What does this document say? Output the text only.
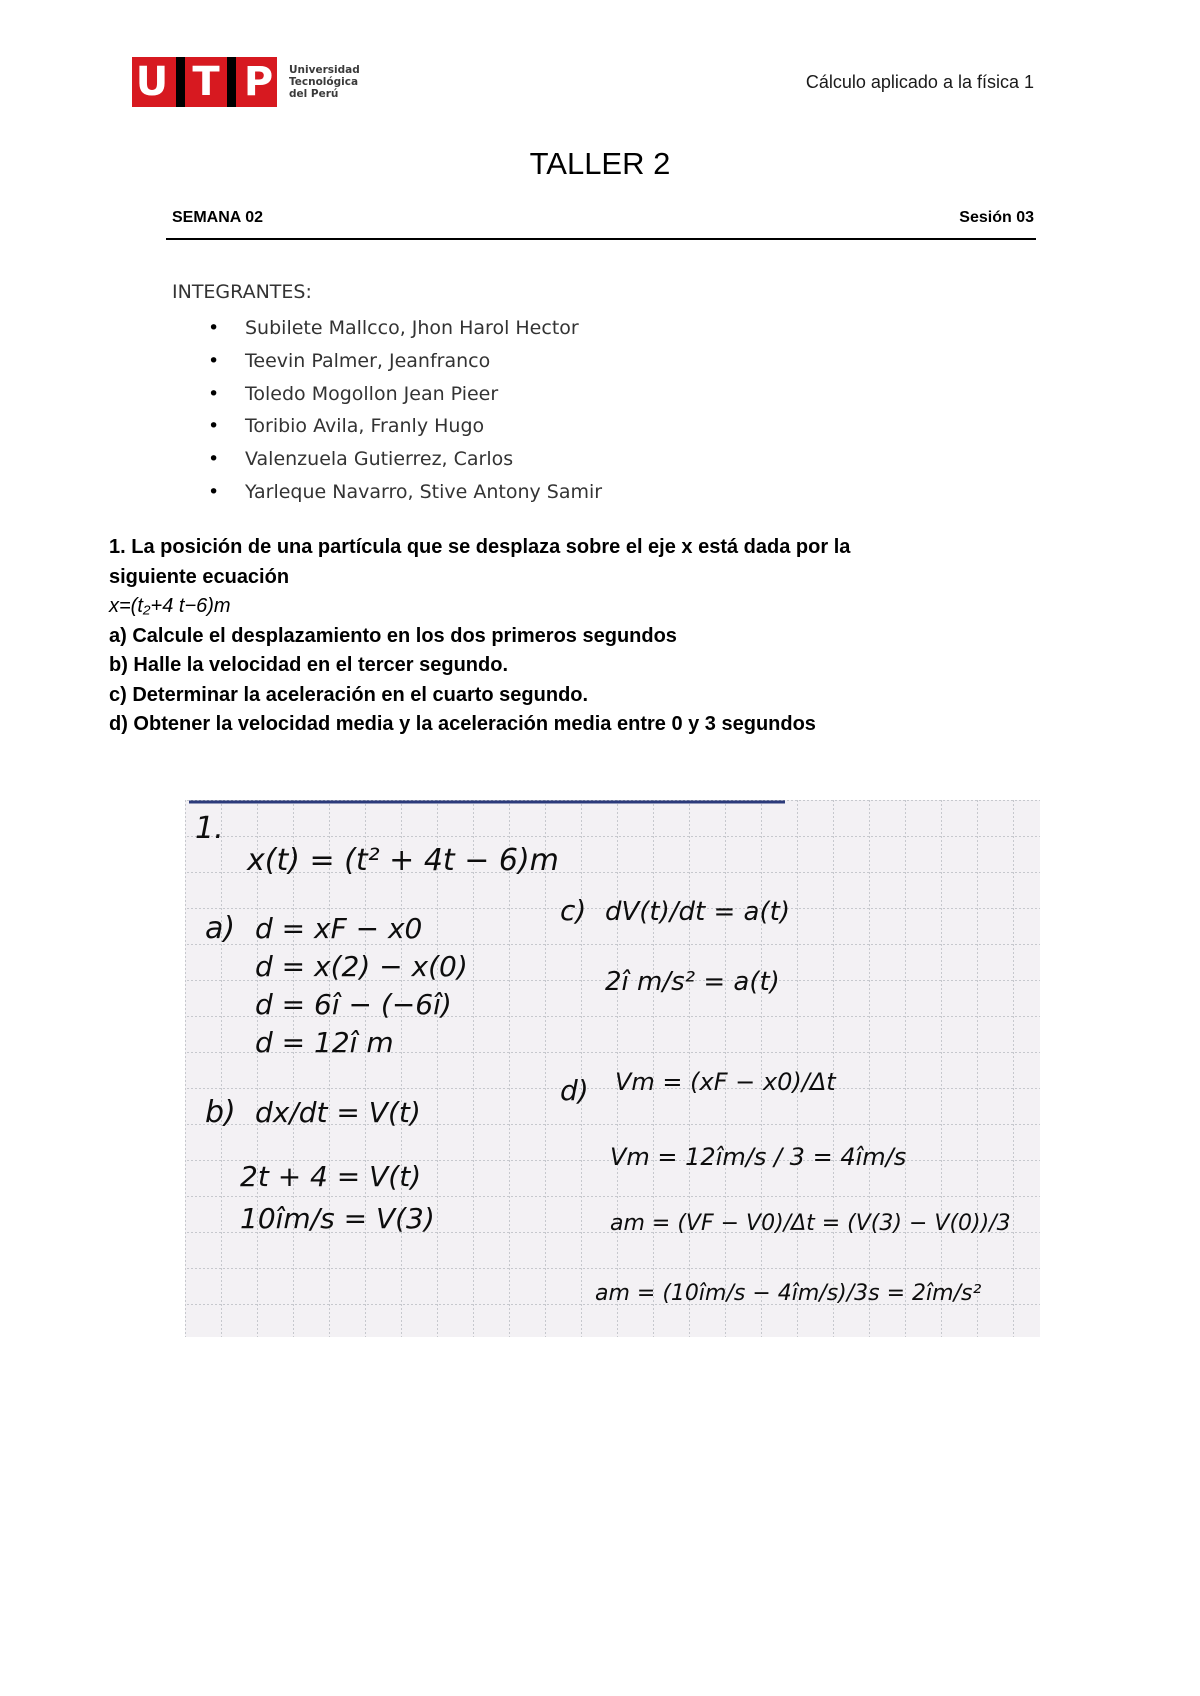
U T P Universidad
Tecnológica
del Perú
Cálculo aplicado a la física 1
TALLER 2
SEMANA 02	Sesión 03
INTEGRANTES:
• Subilete Mallcco, Jhon Harol Hector
• Teevin Palmer, Jeanfranco
• Toledo Mogollon Jean Pieer
• Toribio Avila, Franly Hugo
• Valenzuela Gutierrez, Carlos
• Yarleque Navarro, Stive Antony Samir
1. La posición de una partícula que se desplaza sobre el eje x está dada por la
siguiente ecuación
x=(t₂+4 t−6)m
a) Calcule el desplazamiento en los dos primeros segundos
b) Halle la velocidad en el tercer segundo.
c) Determinar la aceleración en el cuarto segundo.
d) Obtener la velocidad media y la aceleración media entre 0 y 3 segundos
1.
x(t) = (t² + 4t − 6)m
a) d = xF − x0
d = x(2) − x(0)
d = 6î − (−6î)
d = 12î m
b) dx/dt = V(t)
2t + 4 = V(t)
10îm/s = V(3)
c) dV(t)/dt = a(t)
2î m/s² = a(t)
d) Vm = (xF − x0)/Δt
Vm = 12îm/s / 3 = 4îm/s
am = (VF − V0)/Δt = (V(3) − V(0))/3
am = (10îm/s − 4îm/s)/3s = 2îm/s²
